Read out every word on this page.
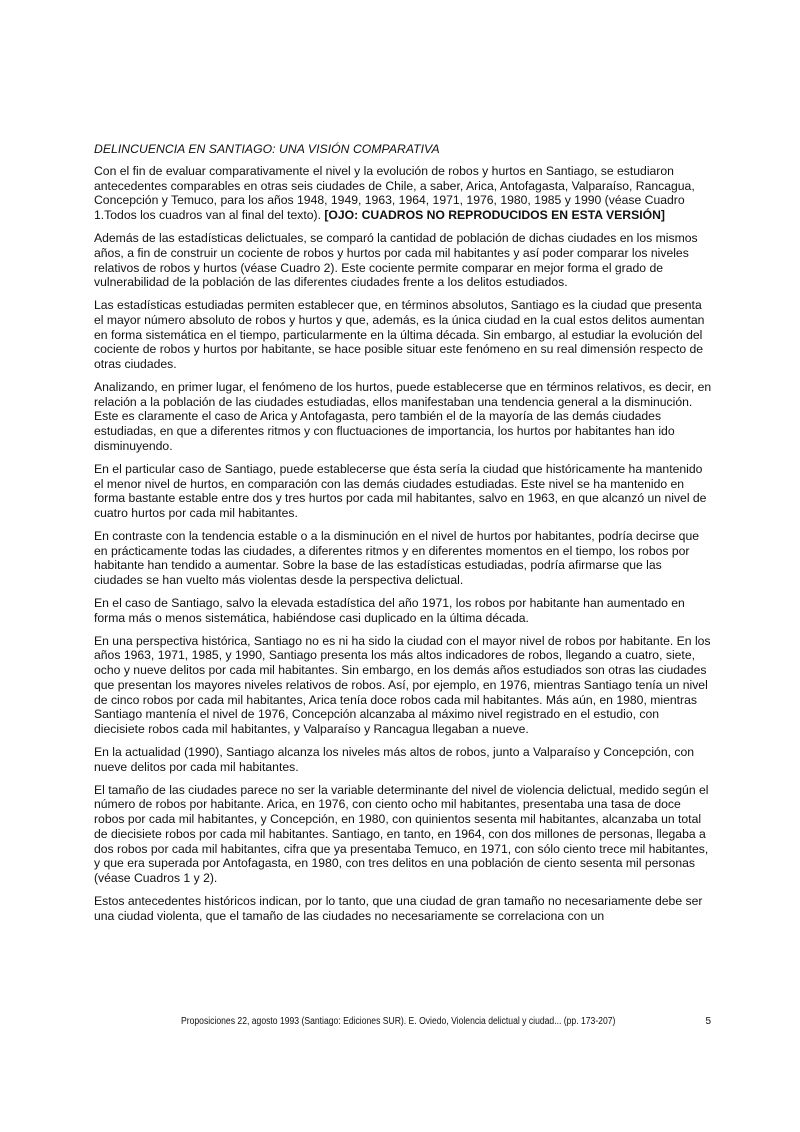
DELINCUENCIA EN SANTIAGO: UNA VISIÓN COMPARATIVA

Con el fin de evaluar comparativamente el nivel y la evolución de robos y hurtos en Santiago, se estudiaron antecedentes comparables en otras seis ciudades de Chile, a saber, Arica, Antofagasta, Valparaíso, Rancagua, Concepción y Temuco, para los años 1948, 1949, 1963, 1964, 1971, 1976, 1980, 1985 y 1990 (véase Cuadro 1.Todos los cuadros van al final del texto). [OJO: CUADROS NO REPRODUCIDOS EN ESTA VERSIÓN]

Además de las estadísticas delictuales, se comparó la cantidad de población de dichas ciudades en los mismos años, a fin de construir un cociente de robos y hurtos por cada mil habitantes y así poder comparar los niveles relativos de robos y hurtos (véase Cuadro 2). Este cociente permite comparar en mejor forma el grado de vulnerabilidad de la población de las diferentes ciudades frente a los delitos estudiados.

Las estadísticas estudiadas permiten establecer que, en términos absolutos, Santiago es la ciudad que presenta el mayor número absoluto de robos y hurtos y que, además, es la única ciudad en la cual estos delitos aumentan en forma sistemática en el tiempo, particularmente en la última década. Sin embargo, al estudiar la evolución del cociente de robos y hurtos por habitante, se hace posible situar este fenómeno en su real dimensión respecto de otras ciudades.

Analizando, en primer lugar, el fenómeno de los hurtos, puede establecerse que en términos relativos, es decir, en relación a la población de las ciudades estudiadas, ellos manifestaban una tendencia general a la disminución. Este es claramente el caso de Arica y Antofagasta, pero también el de la mayoría de las demás ciudades estudiadas, en que a diferentes ritmos y con fluctuaciones de importancia, los hurtos por habitantes han ido disminuyendo.

En el particular caso de Santiago, puede establecerse que ésta sería la ciudad que históricamente ha mantenido el menor nivel de hurtos, en comparación con las demás ciudades estudiadas. Este nivel se ha mantenido en forma bastante estable entre dos y tres hurtos por cada mil habitantes, salvo en 1963, en que alcanzó un nivel de cuatro hurtos por cada mil habitantes.

En contraste con la tendencia estable o a la disminución en el nivel de hurtos por habitantes, podría decirse que en prácticamente todas las ciudades, a diferentes ritmos y en diferentes momentos en el tiempo, los robos por habitante han tendido a aumentar. Sobre la base de las estadísticas estudiadas, podría afirmarse que las ciudades se han vuelto más violentas desde la perspectiva delictual.

En el caso de Santiago, salvo la elevada estadística del año 1971, los robos por habitante han aumentado en forma más o menos sistemática, habiéndose casi duplicado en la última década.

En una perspectiva histórica, Santiago no es ni ha sido la ciudad con el mayor nivel de robos por habitante. En los años 1963, 1971, 1985, y 1990, Santiago presenta los más altos indicadores de robos, llegando a cuatro, siete, ocho y nueve delitos por cada mil habitantes. Sin embargo, en los demás años estudiados son otras las ciudades que presentan los mayores niveles relativos de robos. Así, por ejemplo, en 1976, mientras Santiago tenía un nivel de cinco robos por cada mil habitantes, Arica tenía doce robos cada mil habitantes. Más aún, en 1980, mientras Santiago mantenía el nivel de 1976, Concepción alcanzaba al máximo nivel registrado en el estudio, con diecisiete robos cada mil habitantes, y Valparaíso y Rancagua llegaban a nueve.

En la actualidad (1990), Santiago alcanza los niveles más altos de robos, junto a Valparaíso y Concepción, con nueve delitos por cada mil habitantes.

El tamaño de las ciudades parece no ser la variable determinante del nivel de violencia delictual, medido según el número de robos por habitante. Arica, en 1976, con ciento ocho mil habitantes, presentaba una tasa de doce robos por cada mil habitantes, y Concepción, en 1980, con quinientos sesenta mil habitantes, alcanzaba un total de diecisiete robos por cada mil habitantes. Santiago, en tanto, en 1964, con dos millones de personas, llegaba a dos robos por cada mil habitantes, cifra que ya presentaba Temuco, en 1971, con sólo ciento trece mil habitantes, y que era superada por Antofagasta, en 1980, con tres delitos en una población de ciento sesenta mil personas (véase Cuadros 1 y 2).

Estos antecedentes históricos indican, por lo tanto, que una ciudad de gran tamaño no necesariamente debe ser una ciudad violenta, que el tamaño de las ciudades no necesariamente se correlaciona con un

Proposiciones 22, agosto 1993 (Santiago: Ediciones SUR). E. Oviedo, Violencia delictual y ciudad... (pp. 173-207)	5
